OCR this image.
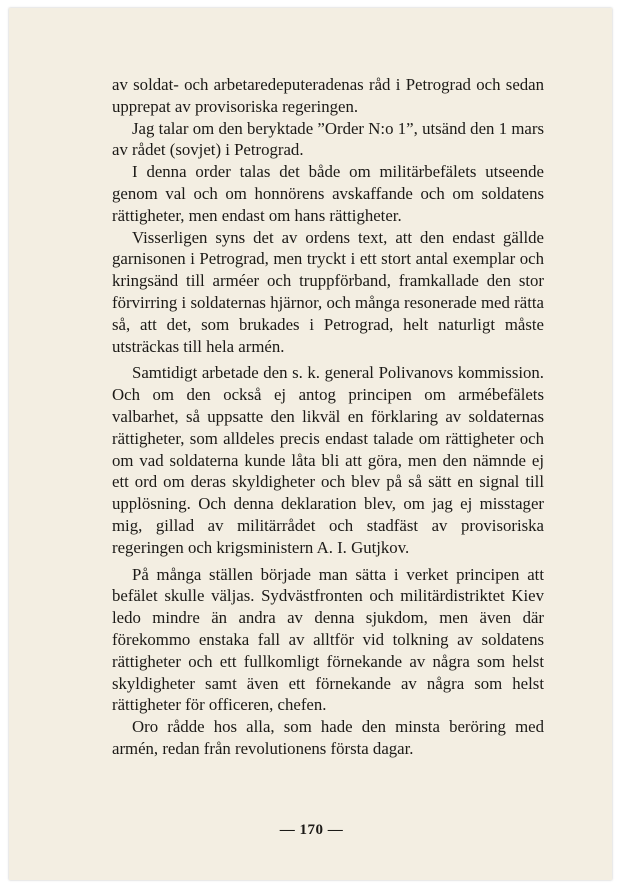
av soldat- och arbetaredeputeradenas råd i Petrograd och sedan upprepat av provisoriska regeringen.

Jag talar om den beryktade ”Order N:o 1”, utsänd den 1 mars av rådet (sovjet) i Petrograd.

I denna order talas det både om militärbefälets utseende genom val och om honnörens avskaffande och om soldatens rättigheter, men endast om hans rättigheter.

Visserligen syns det av ordens text, att den endast gällde garnisonen i Petrograd, men tryckt i ett stort antal exemplar och kringsänd till arméer och truppförband, framkallade den stor förvirring i soldaternas hjärnor, och många resonerade med rätta så, att det, som brukades i Petrograd, helt naturligt måste utsträckas till hela armén.

Samtidigt arbetade den s. k. general Polivanovs kommission. Och om den också ej antog principen om armébefälets valbarhet, så uppsatte den likväl en förklaring av soldaternas rättigheter, som alldeles precis endast talade om rättigheter och om vad soldaterna kunde låta bli att göra, men den nämnde ej ett ord om deras skyldigheter och blev på så sätt en signal till upplösning. Och denna deklaration blev, om jag ej misstager mig, gillad av militärrådet och stadfäst av provisoriska regeringen och krigsministern A. I. Gutjkov.

På många ställen började man sätta i verket principen att befälet skulle väljas. Sydvästfronten och militärdistriktet Kiev ledo mindre än andra av denna sjukdom, men även där förekommo enstaka fall av alltför vid tolkning av soldatens rättigheter och ett fullkomligt förnekande av några som helst skyldigheter samt även ett förnekande av några som helst rättigheter för officeren, chefen.

Oro rådde hos alla, som hade den minsta beröring med armén, redan från revolutionens första dagar.

— 170 —
